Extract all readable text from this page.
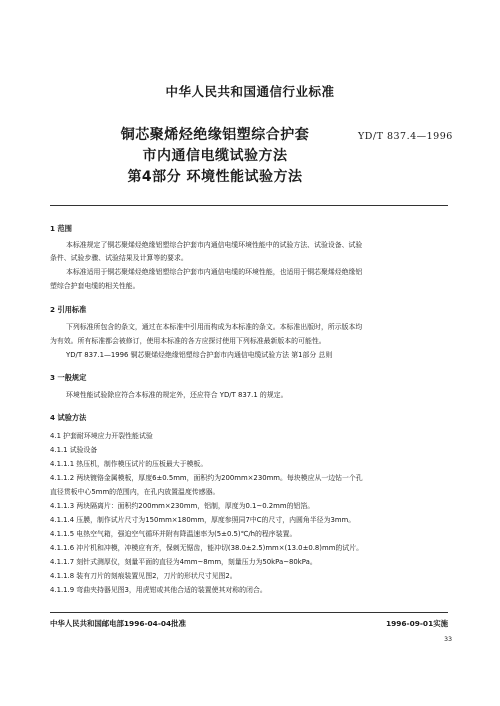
中华人民共和国通信行业标准
铜芯聚烯烃绝缘铝塑综合护套
市内通信电缆试验方法
第4部分 环境性能试验方法
YD/T 837.4—1996
1 范围
本标准规定了铜芯聚烯烃绝缘铝塑综合护套市内通信电缆环境性能中的试验方法、试验设备、试验
条件、试验步骤、试验结果及计算等的要求。
本标准适用于铜芯聚烯烃绝缘铝塑综合护套市内通信电缆的环境性能，也适用于铜芯聚烯烃绝缘铝
塑综合护套电缆的相关性能。
2 引用标准
下列标准所包含的条文，通过在本标准中引用而构成为本标准的条文。本标准出版时，所示版本均
为有效。所有标准都会被修订，使用本标准的各方应探讨使用下列标准最新版本的可能性。
YD/T 837.1—1996 铜芯聚烯烃绝缘铝塑综合护套市内通信电缆试验方法 第1部分 总则
3 一般规定
环境性能试验除应符合本标准的规定外，还应符合 YD/T 837.1 的规定。
4 试验方法
4.1 护套耐环境应力开裂性能试验
4.1.1 试验设备
4.1.1.1 热压机，制作模压试片的压板最大于模板。
4.1.1.2 两块镀铬金属模板，厚度6±0.5mm，面积约为200mm×230mm。每块模应从一边钻一个孔
直径贯板中心5mm的范围内，在孔内放置温度传感器。
4.1.1.3 两块隔离片：面积约200mm×230mm，铝制，厚度为0.1~0.2mm的铝箔。
4.1.1.4 压膜，制作试片尺寸为150mm×180mm，厚度参照同7中C的尺寸，内圆角半径为3mm。
4.1.1.5 电热空气箱，强迫空气循环并附有降温速率为(5±0.5)℃/h的程序装置。
4.1.1.6 冲片机和冲模，冲模应有齐，保刺无锯齿，能冲切(38.0±2.5)mm×(13.0±0.8)mm的试片。
4.1.1.7 刻针式测厚仪，刻量平面的直径为4mm~8mm，刻量压力为50kPa~80kPa。
4.1.1.8 装有刀片的刻痕装置见图2，刀片的形状尺寸见图2。
4.1.1.9 弯曲夹持器见图3，用虎钳或其他合适的装置使其对称的闭合。
中华人民共和国邮电部1996-04-04批准	1996-09-01实施
33
